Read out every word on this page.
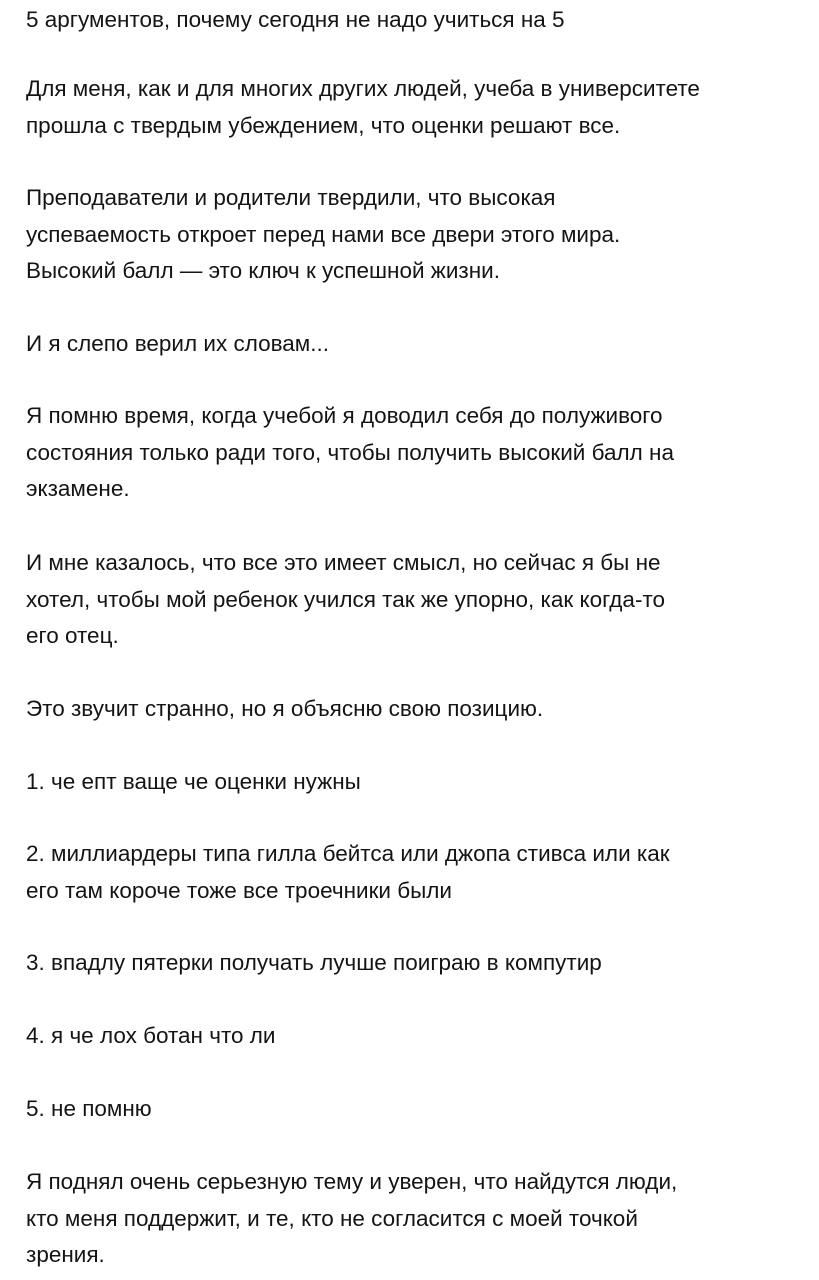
5 аргументов, почему сегодня не надо учиться на 5

Для меня, как и для многих других людей, учеба в университете
прошла с твердым убеждением, что оценки решают все.

Преподаватели и родители твердили, что высокая
успеваемость откроет перед нами все двери этого мира.
Высокий балл — это ключ к успешной жизни.

И я слепо верил их словам...

Я помню время, когда учебой я доводил себя до полуживого
состояния только ради того, чтобы получить высокий балл на
экзамене.

И мне казалось, что все это имеет смысл, но сейчас я бы не
хотел, чтобы мой ребенок учился так же упорно, как когда-то
его отец.

Это звучит странно, но я объясню свою позицию.

1. че епт ваще че оценки нужны

2. миллиардеры типа гилла бейтса или джопа стивса или как
его там короче тоже все троечники были

3. впадлу пятерки получать лучше поиграю в компутир

4. я че лох ботан что ли

5. не помню

Я поднял очень серьезную тему и уверен, что найдутся люди,
кто меня поддержит, и те, кто не согласится с моей точкой
зрения.
